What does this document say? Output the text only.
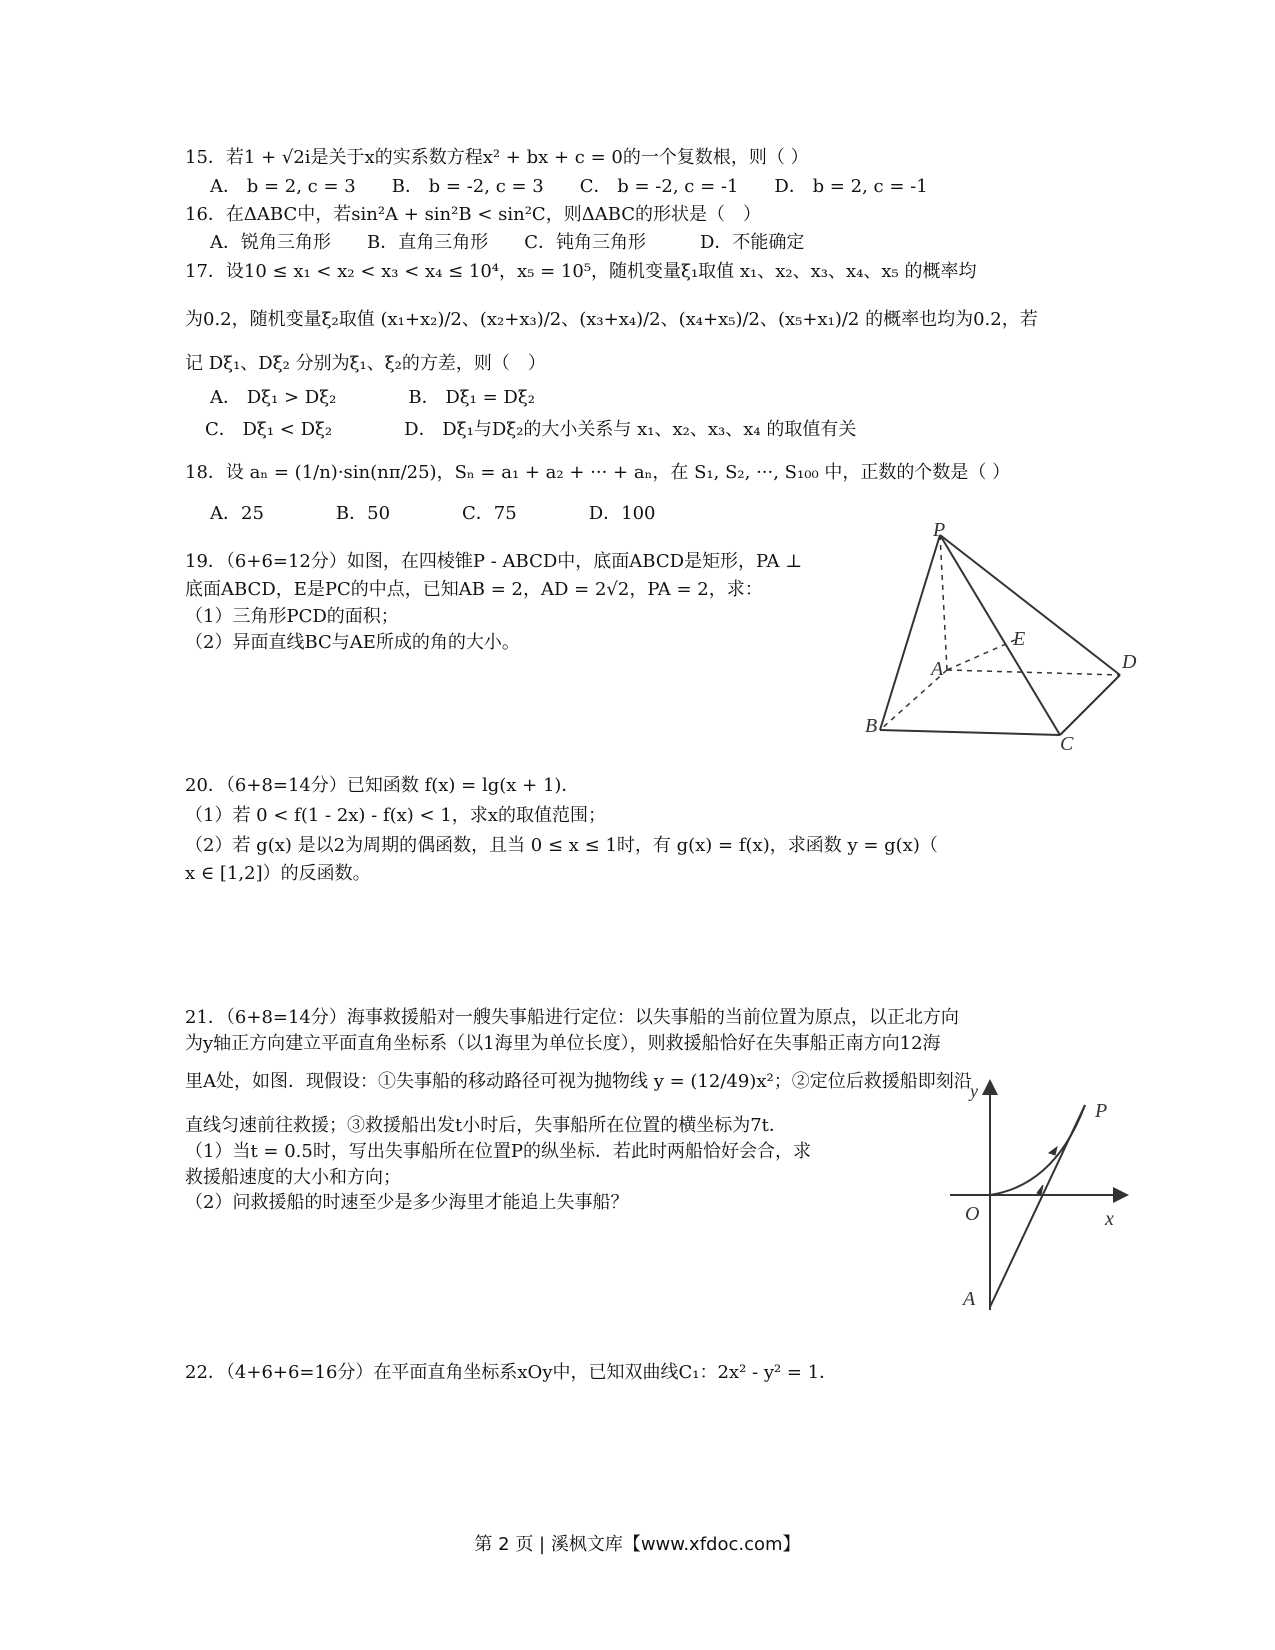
15．若1 + √2i是关于x的实系数方程x² + bx + c = 0的一个复数根，则（ ）
A． b = 2, c = 3　　B． b = -2, c = 3　　C． b = -2, c = -1　　D． b = 2, c = -1
16．在ΔABC中，若sin²A + sin²B < sin²C，则ΔABC的形状是（　）
A．锐角三角形　　B．直角三角形　　C．钝角三角形　　　D．不能确定
17．设10 ≤ x₁ < x₂ < x₃ < x₄ ≤ 10⁴，x₅ = 10⁵，随机变量ξ₁取值 x₁、x₂、x₃、x₄、x₅ 的概率均
为0.2，随机变量ξ₂取值 (x₁+x₂)/2、(x₂+x₃)/2、(x₃+x₄)/2、(x₄+x₅)/2、(x₅+x₁)/2 的概率也均为0.2，若
记 Dξ₁、Dξ₂ 分别为ξ₁、ξ₂的方差，则（　）
A． Dξ₁ > Dξ₂　　　　B． Dξ₁ = Dξ₂
C． Dξ₁ < Dξ₂　　　　D． Dξ₁与Dξ₂的大小关系与 x₁、x₂、x₃、x₄ 的取值有关
18．设 aₙ = (1/n)·sin(nπ/25)，Sₙ = a₁ + a₂ + ··· + aₙ，在 S₁, S₂, ···, S₁₀₀ 中，正数的个数是（ ）
A．25　　　　B．50　　　　C．75　　　　D．100
19．（6+6=12分）如图，在四棱锥P - ABCD中，底面ABCD是矩形，PA ⊥
底面ABCD，E是PC的中点，已知AB = 2，AD = 2√2，PA = 2，求：
（1）三角形PCD的面积；
（2）异面直线BC与AE所成的角的大小。
P
E
A	D
B
C
20．（6+8=14分）已知函数 f(x) = lg(x + 1)．
（1）若 0 < f(1 - 2x) - f(x) < 1，求x的取值范围；
（2）若 g(x) 是以2为周期的偶函数，且当 0 ≤ x ≤ 1时，有 g(x) = f(x)，求函数 y = g(x)（
x ∈ [1,2]）的反函数。
21．（6+8=14分）海事救援船对一艘失事船进行定位：以失事船的当前位置为原点，以正北方向
为y轴正方向建立平面直角坐标系（以1海里为单位长度），则救援船恰好在失事船正南方向12海
里A处，如图．现假设：①失事船的移动路径可视为抛物线 y = (12/49)x²；②定位后救援船即刻沿
直线匀速前往救援；③救援船出发t小时后，失事船所在位置的横坐标为7t．
（1）当t = 0.5时，写出失事船所在位置P的纵坐标．若此时两船恰好会合，求
救援船速度的大小和方向；
（2）问救援船的时速至少是多少海里才能追上失事船？
y
P
O	x
A
22．（4+6+6=16分）在平面直角坐标系xOy中，已知双曲线C₁：2x² - y² = 1．
第 2 页 | 溪枫文库【www.xfdoc.com】
